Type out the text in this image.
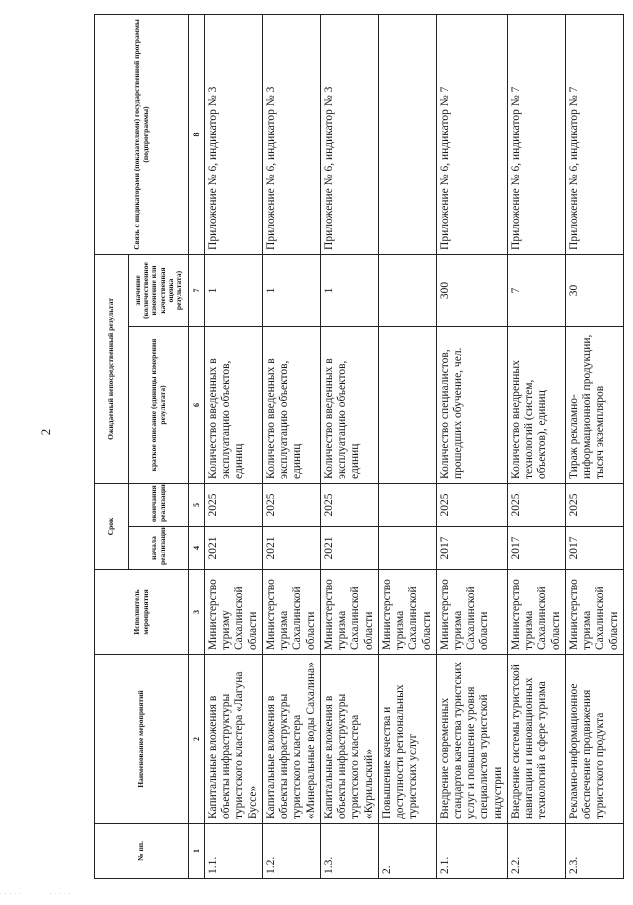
2
№ пп.	Наименование мероприятий	Исполнитель мероприятия	Срок		Ожидаемый непосредственный результат		Связь с индикаторами (показателями) государственной программы (подпрограммы)
			начала реализации	окончания реализации	краткое описание (единицы измерения результата)	значение (количественное изменение или качественная оценка результата)	
1	2	3	4	5	6	7	8
1.1.	Капитальные вложения в объекты инфраструктуры туристского кластера «Лагуна Буссе»	Министерство туризму Сахалинской области	2021	2025	Количество введенных в эксплуатацию объектов, единиц	1	Приложение № 6, индикатор № 3
1.2.	Капитальные вложения в объекты инфраструктуры туристского кластера «Минеральные воды Сахалина»	Министерство туризма Сахалинской области	2021	2025	Количество введенных в эксплуатацию объектов, единиц	1	Приложение № 6, индикатор № 3
1.3.	Капитальные вложения в объекты инфраструктуры туристского кластера «Курильский»	Министерство туризма Сахалинской области	2021	2025	Количество введенных в эксплуатацию объектов, единиц	1	Приложение № 6, индикатор № 3
2.	Повышение качества и доступности региональных туристских услуг	Министерство туризма Сахалинской области					
2.1.	Внедрение современных стандартов качества туристских услуг и повышение уровня специалистов туристской индустрии	Министерство туризма Сахалинской области	2017	2025	Количество специалистов, прошедших обучение, чел.	300	Приложение № 6, индикатор № 7
2.2.	Внедрение системы туристской навигации и инновационных технологий в сфере туризма	Министерство туризма Сахалинской области	2017	2025	Количество внедренных технологий (систем, объектов), единиц	7	Приложение № 6, индикатор № 7
2.3.	Рекламно-информационное обеспечение продвижения туристского продукта	Министерство туризма Сахалинской области	2017	2025	Тираж рекламно-информационной продукции, тысяч экземпляров	30	Приложение № 6, индикатор № 7
· · · · ·            · · · · ·
